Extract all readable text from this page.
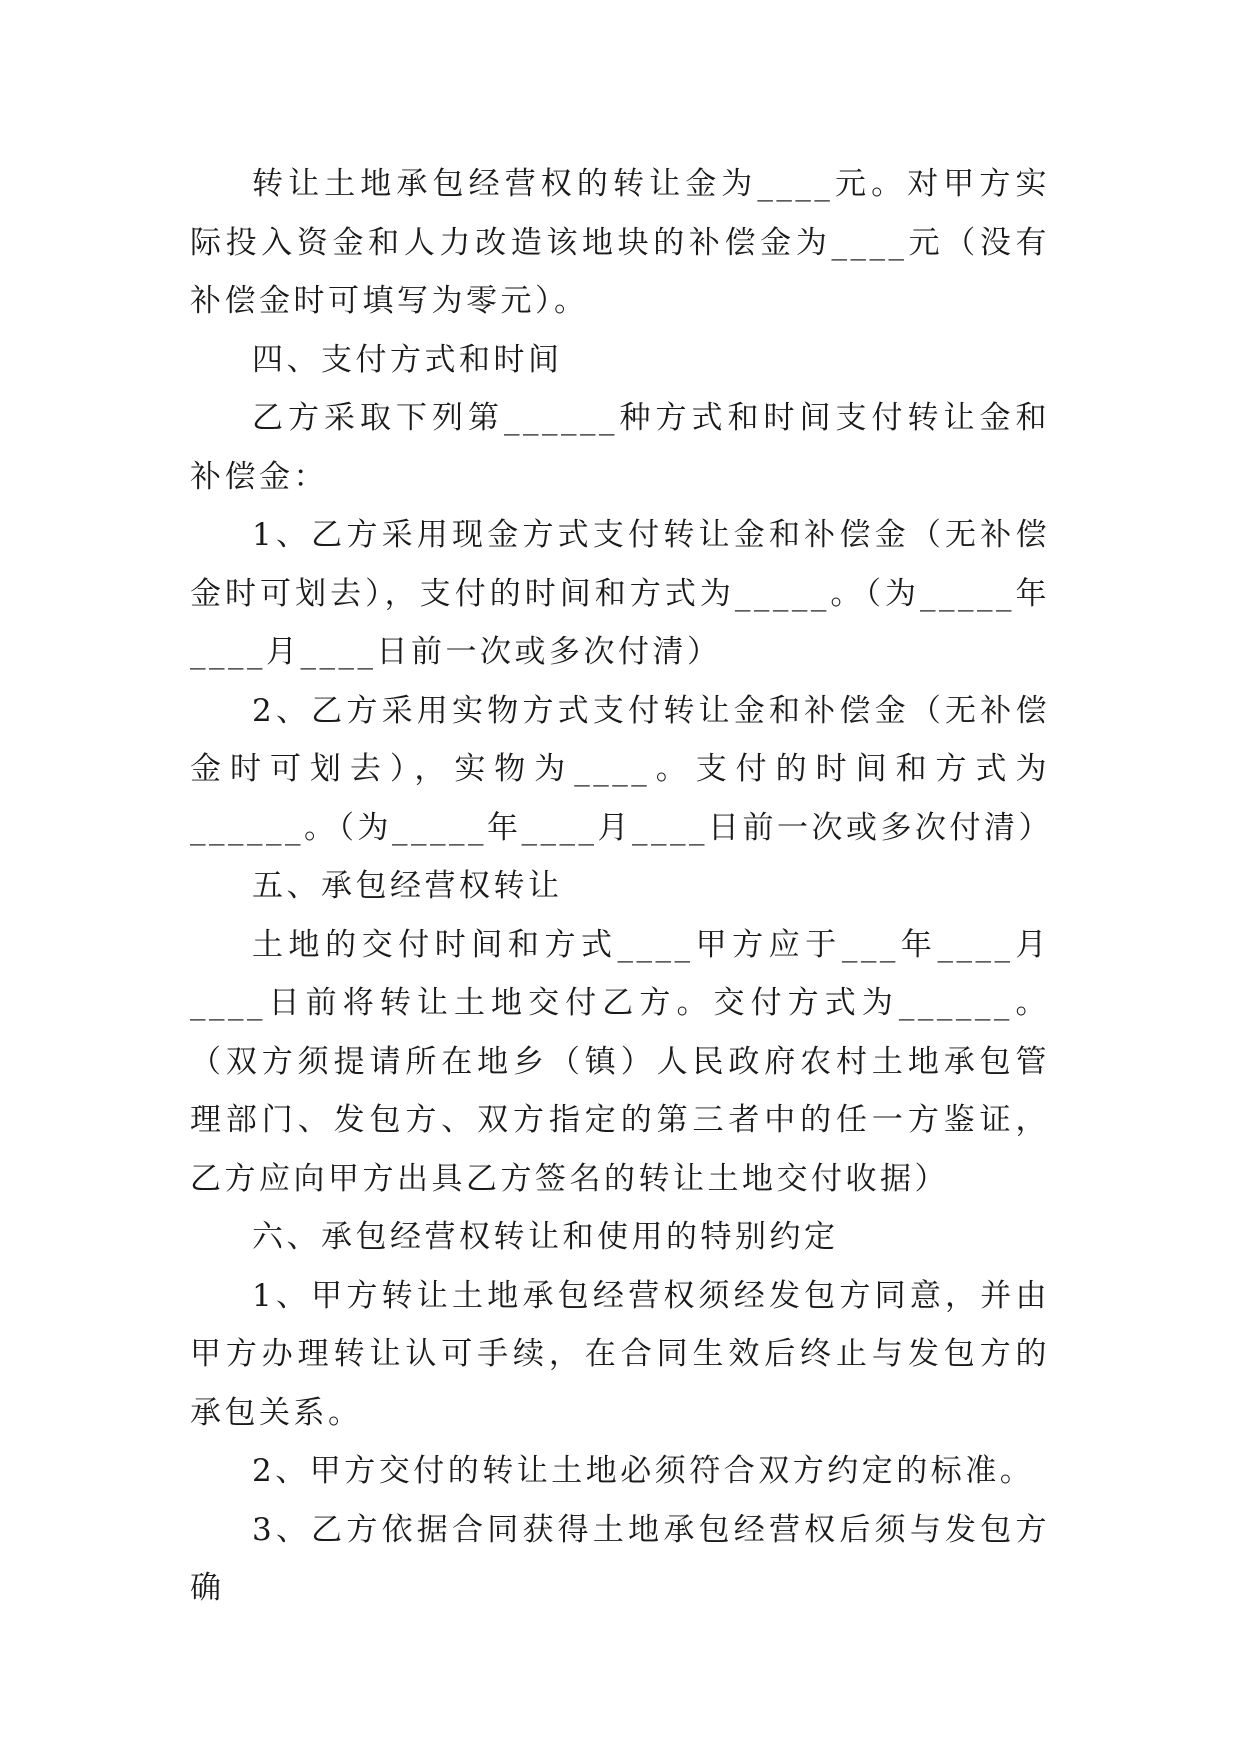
转让土地承包经营权的转让金为____元。对甲方实际投入资金和人力改造该地块的补偿金为____元（没有补偿金时可填写为零元）。

四、支付方式和时间

乙方采取下列第______种方式和时间支付转让金和补偿金：

1、乙方采用现金方式支付转让金和补偿金（无补偿金时可划去），支付的时间和方式为_____。（为_____年____月____日前一次或多次付清）

2、乙方采用实物方式支付转让金和补偿金（无补偿金时可划去），实物为____。支付的时间和方式为______。（为_____年____月____日前一次或多次付清）

五、承包经营权转让

土地的交付时间和方式____甲方应于___年____月____日前将转让土地交付乙方。交付方式为______。（双方须提请所在地乡（镇）人民政府农村土地承包管理部门、发包方、双方指定的第三者中的任一方鉴证，乙方应向甲方出具乙方签名的转让土地交付收据）

六、承包经营权转让和使用的特别约定

1、甲方转让土地承包经营权须经发包方同意，并由甲方办理转让认可手续，在合同生效后终止与发包方的承包关系。

2、甲方交付的转让土地必须符合双方约定的标准。

3、乙方依据合同获得土地承包经营权后须与发包方确
